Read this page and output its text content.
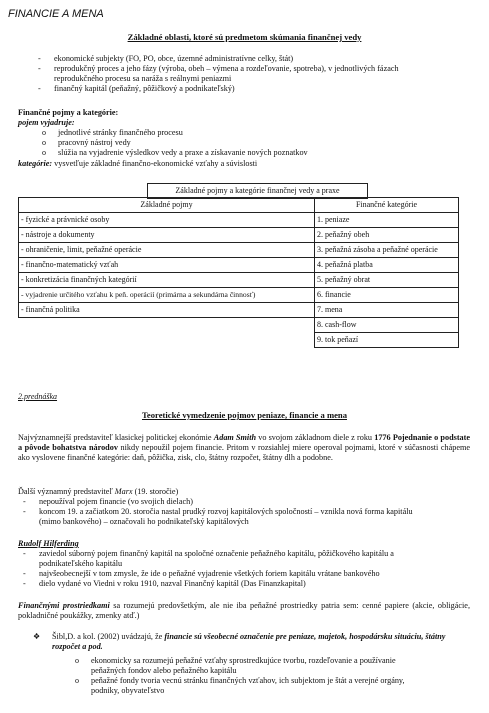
FINANCIE A MENA
Základné oblasti, ktoré sú predmetom skúmania finančnej vedy
- ekonomické subjekty (FO, PO, obce, územné administratívne celky, štát)
- reprodukčný proces a jeho fázy (výroba, obeh – výmena a rozdeľovanie, spotreba), v jednotlivých fázach
reprodukčného procesu sa naráža s reálnymi peniazmi
- finančný kapitál (peňažný, pôžičkový a podnikateľský)
Finančné pojmy a kategórie:
pojem vyjadruje:
o jednotlivé stránky finančného procesu
o pracovný nástroj vedy
o slúžia na vyjadrenie výsledkov vedy a praxe a získavanie nových poznatkov
kategórie: vysvetľuje základné finančno-ekonomické vzťahy a súvislosti
Základné pojmy a kategórie finančnej vedy a praxe
Základné pojmy	Finančné kategórie
- fyzické a právnické osoby	1. peniaze
- nástroje a dokumenty	2. peňažný obeh
- ohraničenie, limit, peňažné operácie	3. peňažná zásoba a peňažné operácie
- finančno-matematický vzťah	4. peňažná platba
- konkretizácia finančných kategórií	5. peňažný obrat
- vyjadrenie určitého vzťahu k peň. operácií (primárna a sekundárna činnosť)	6. financie
- finančná politika	7. mena
	8. cash-flow
	9. tok peňazí
2.prednáška
Teoretické vymedzenie pojmov peniaze, financie a mena
Najvýznamnejší predstaviteľ klasickej politickej ekonómie Adam Smith vo svojom základnom diele z roku 1776 Pojednanie o podstate a pôvode bohatstva národov nikdy nepoužil pojem financie. Pritom v rozsiahlej miere operoval pojmami, ktoré v súčasnosti chápeme ako vyslovene finančné kategórie: daň, pôžička, zisk, clo, štátny rozpočet, štátny dlh a podobne.
Ďalší významný predstaviteľ Marx (19. storočie)
- nepoužíval pojem financie (vo svojich dielach)
- koncom 19. a začiatkom 20. storočia nastal prudký rozvoj kapitálových spoločností – vznikla nová forma kapitálu
(mimo bankového) – označovali ho podnikateľský kapitálových
Rudolf Hilferding
- zaviedol súborný pojem finančný kapitál na spoločné označenie peňažného kapitálu, pôžičkového kapitálu a
podnikateľského kapitálu
- najvšeobecnejší v tom zmysle, že ide o peňažné vyjadrenie všetkých foriem kapitálu vrátane bankového
- dielo vydané vo Viedni v roku 1910, nazval Finančný kapitál (Das Finanzkapital)
Finančnými prostriedkami sa rozumejú predovšetkým, ale nie iba peňažné prostriedky patria sem: cenné papiere (akcie, obligácie, pokladničné poukážky, zmenky atď.)
❖ Šibl,D. a kol. (2002) uvádzajú, že financie sú všeobecné označenie pre peniaze, majetok, hospodársku situáciu, štátny rozpočet a pod.
o ekonomicky sa rozumejú peňažné vzťahy sprostredkujúce tvorbu, rozdeľovanie a používanie
peňažných fondov alebo peňažného kapitálu
o peňažné fondy tvoria vecnú stránku finančných vzťahov, ich subjektom je štát a verejné orgány,
podniky, obyvateľstvo
